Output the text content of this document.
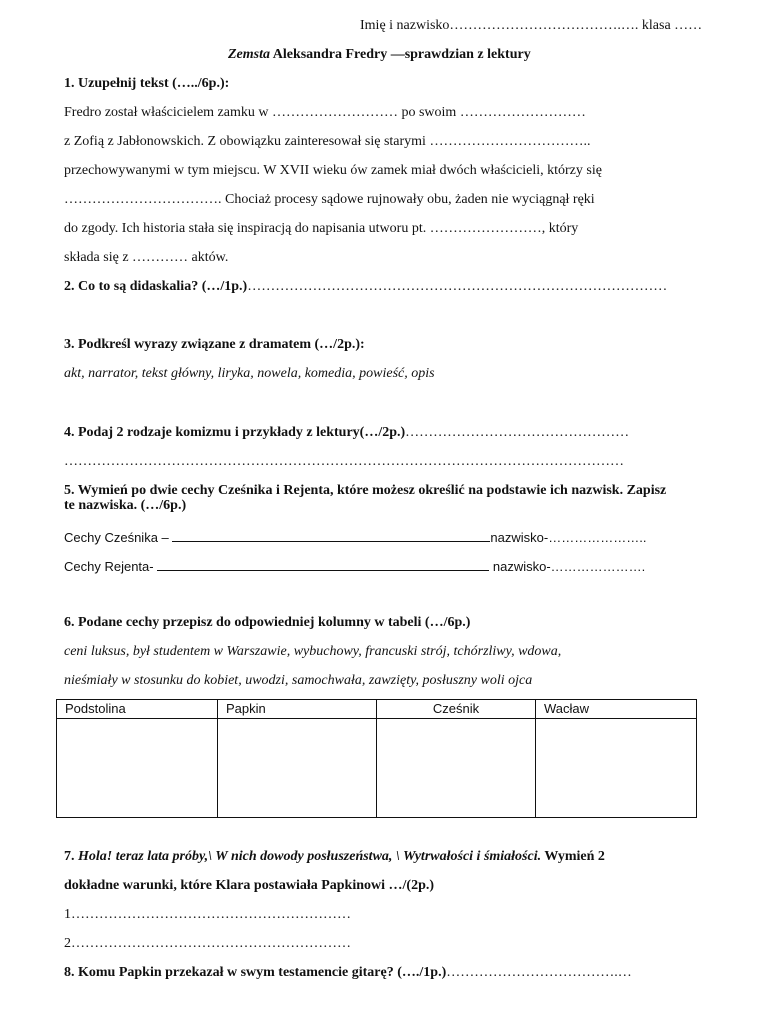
Imię i nazwisko……………………………….…. klasa ……
Zemsta Aleksandra Fredry —sprawdzian z lektury
1. Uzupełnij tekst (…../6p.):
Fredro został właścicielem zamku w ……………………… po swoim ………………………
z Zofią z Jabłonowskich. Z obowiązku zainteresował się starymi ……………………………..
przechowywanymi w tym miejscu. W XVII wieku ów zamek miał dwóch właścicieli, którzy się
……………………………. Chociaż procesy sądowe rujnowały obu, żaden nie wyciągnął ręki
do zgody. Ich historia stała się inspiracją do napisania utworu pt. ……………………, który
składa się z ………… aktów.
2. Co to są didaskalia? (…/1p.)………………………………………………………………………………
3. Podkreśl wyrazy związane z dramatem (…/2p.):
akt, narrator, tekst główny, liryka, nowela, komedia, powieść, opis
4. Podaj 2 rodzaje komizmu i przykłady z lektury(…/2p.)…………………………………………
…………………………………………………………………………………………………………
5. Wymień po dwie cechy Cześnika i Rejenta, które możesz określić na podstawie ich nazwisk. Zapisz
te nazwiska. (…/6p.)
Cechy Cześnika –	nazwisko-…………………..
Cechy Rejenta-	nazwisko-………………….
6. Podane cechy przepisz do odpowiedniej kolumny w tabeli (…/6p.)
ceni luksus, był studentem w Warszawie, wybuchowy, francuski strój, tchórzliwy, wdowa,
nieśmiały w stosunku do kobiet, uwodzi, samochwała, zawzięty, posłuszny woli ojca
Podstolina	Papkin	Cześnik	Wacław

7. Hola! teraz lata próby,\ W nich dowody posłuszeństwa, \ Wytrwałości i śmiałości. Wymień 2
dokładne warunki, które Klara postawiała Papkinowi …/(2p.)
1……………………………………………………
2……………………………………………………
8. Komu Papkin przekazał w swym testamencie gitarę? (…./1p.)……………………………….…
